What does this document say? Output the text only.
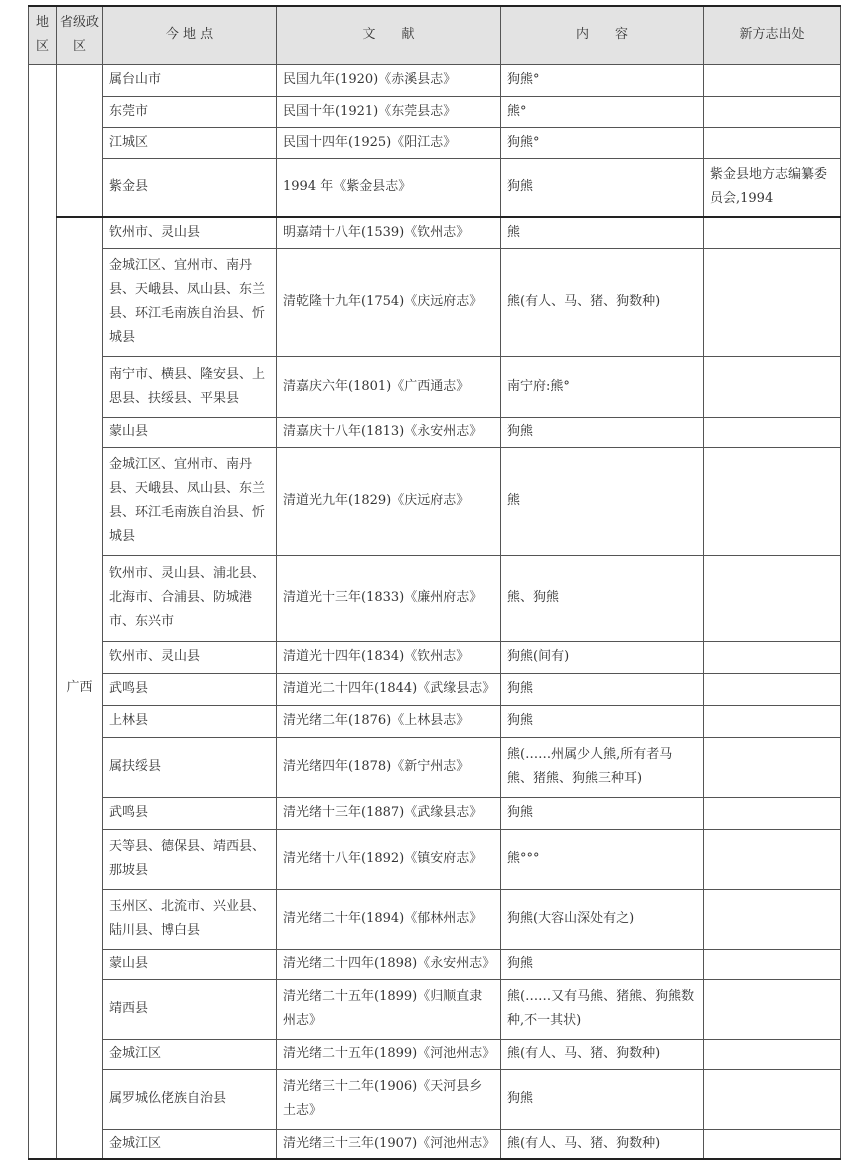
地区	省级政区	今 地 点	文　　献	内　　容	新方志出处
		属台山市	民国九年(1920)《赤溪县志》	狗熊°	
		东莞市	民国十年(1921)《东莞县志》	熊°	
		江城区	民国十四年(1925)《阳江志》	狗熊°	
		紫金县	1994 年《紫金县志》	狗熊	紫金县地方志编纂委员会,1994
	广西	钦州市、灵山县	明嘉靖十八年(1539)《钦州志》	熊	
		金城江区、宜州市、南丹县、天峨县、凤山县、东兰县、环江毛南族自治县、忻城县	清乾隆十九年(1754)《庆远府志》	熊(有人、马、猪、狗数种)	
		南宁市、横县、隆安县、上思县、扶绥县、平果县	清嘉庆六年(1801)《广西通志》	南宁府:熊°	
		蒙山县	清嘉庆十八年(1813)《永安州志》	狗熊	
		金城江区、宜州市、南丹县、天峨县、凤山县、东兰县、环江毛南族自治县、忻城县	清道光九年(1829)《庆远府志》	熊	
		钦州市、灵山县、浦北县、北海市、合浦县、防城港市、东兴市	清道光十三年(1833)《廉州府志》	熊、狗熊	
		钦州市、灵山县	清道光十四年(1834)《钦州志》	狗熊(间有)	
		武鸣县	清道光二十四年(1844)《武缘县志》	狗熊	
		上林县	清光绪二年(1876)《上林县志》	狗熊	
		属扶绥县	清光绪四年(1878)《新宁州志》	熊(……州属少人熊,所有者马熊、猪熊、狗熊三种耳)	
		武鸣县	清光绪十三年(1887)《武缘县志》	狗熊	
		天等县、德保县、靖西县、那坡县	清光绪十八年(1892)《镇安府志》	熊°°°	
		玉州区、北流市、兴业县、陆川县、博白县	清光绪二十年(1894)《郁林州志》	狗熊(大容山深处有之)	
		蒙山县	清光绪二十四年(1898)《永安州志》	狗熊	
		靖西县	清光绪二十五年(1899)《归顺直隶州志》	熊(……又有马熊、猪熊、狗熊数种,不一其状)	
		金城江区	清光绪二十五年(1899)《河池州志》	熊(有人、马、猪、狗数种)	
		属罗城仫佬族自治县	清光绪三十二年(1906)《天河县乡土志》	狗熊	
		金城江区	清光绪三十三年(1907)《河池州志》	熊(有人、马、猪、狗数种)	
